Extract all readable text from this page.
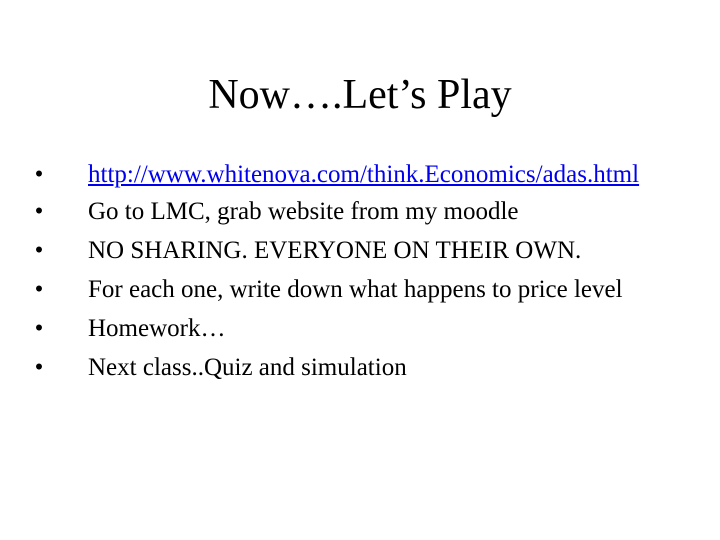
Now….Let’s Play
• http://www.whitenova.com/think.Economics/adas.html
• Go to LMC, grab website from my moodle
• NO SHARING. EVERYONE ON THEIR OWN.
• For each one, write down what happens to price level
• Homework…
• Next class..Quiz and simulation
